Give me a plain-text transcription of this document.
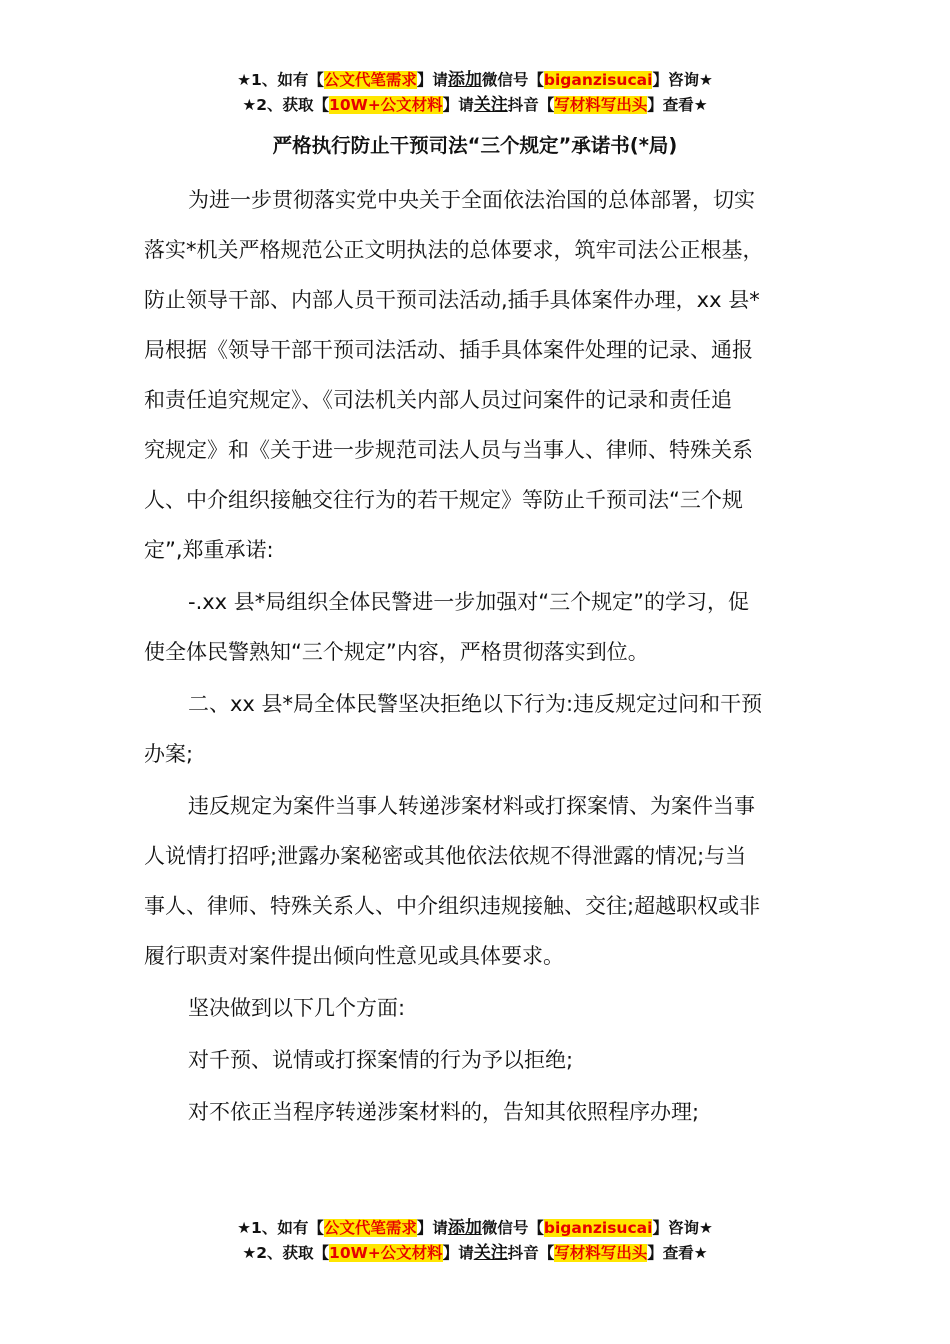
★1、如有【公文代笔需求】请添加微信号【biganzisucai】咨询★
★2、获取【10W+公文材料】请关注抖音【写材料写出头】查看★
严格执行防止干预司法“三个规定”承诺书(*局)

为进一步贯彻落实党中央关于全面依法治国的总体部署，切实
落实*机关严格规范公正文明执法的总体要求，筑牢司法公正根基，
防止领导干部、内部人员干预司法活动,插手具体案件办理，xx 县*
局根据《领导干部干预司法活动、插手具体案件处理的记录、通报
和责任追究规定》、《司法机关内部人员过问案件的记录和责任追
究规定》和《关于进一步规范司法人员与当事人、律师、特殊关系
人、中介组织接触交往行为的若干规定》等防止千预司法“三个规
定”,郑重承诺:

-.xx 县*局组织全体民警进一步加强对“三个规定”的学习，促
使全体民警熟知“三个规定”内容，严格贯彻落实到位。

二、xx 县*局全体民警坚决拒绝以下行为:违反规定过问和干预
办案;

违反规定为案件当事人转递涉案材料或打探案情、为案件当事
人说情打招呼;泄露办案秘密或其他依法依规不得泄露的情况;与当
事人、律师、特殊关系人、中介组织违规接触、交往;超越职权或非
履行职责对案件提出倾向性意见或具体要求。

坚决做到以下几个方面:

对千预、说情或打探案情的行为予以拒绝;

对不依正当程序转递涉案材料的，告知其依照程序办理;

★1、如有【公文代笔需求】请添加微信号【biganzisucai】咨询★
★2、获取【10W+公文材料】请关注抖音【写材料写出头】查看★
